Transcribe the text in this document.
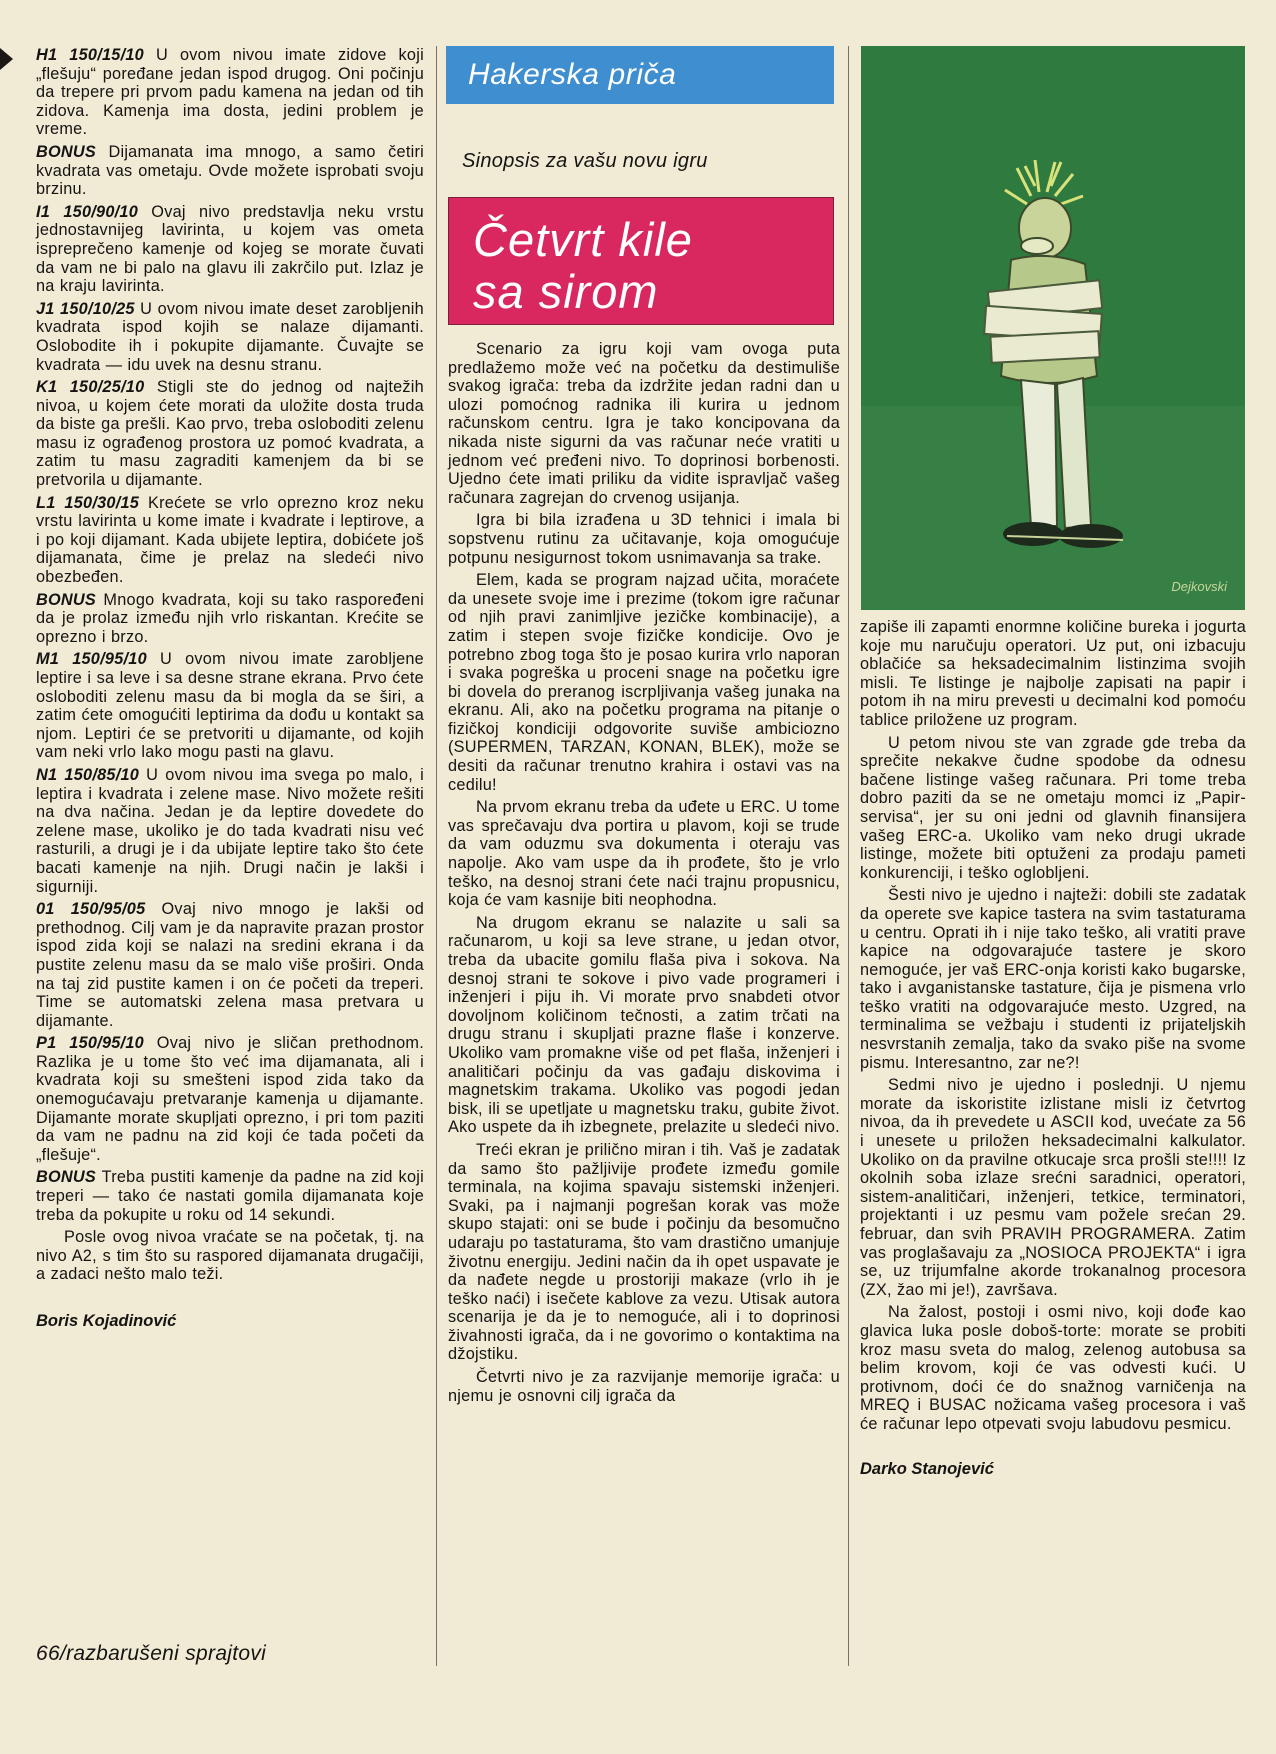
H1 150/15/10 U ovom nivou imate zidove koji „flešuju“ poređane jedan ispod drugog. Oni počinju da trepere pri prvom padu kamena na jedan od tih zidova. Kamenja ima dosta, jedini problem je vreme.

BONUS Dijamanata ima mnogo, a samo četiri kvadrata vas ometaju. Ovde možete isprobati svoju brzinu.

I1 150/90/10 Ovaj nivo predstavlja neku vrstu jednostavnijeg lavirinta, u kojem vas ometa ispreprečeno kamenje od kojeg se morate čuvati da vam ne bi palo na glavu ili zakrčilo put. Izlaz je na kraju lavirinta.

J1 150/10/25 U ovom nivou imate deset zarobljenih kvadrata ispod kojih se nalaze dijamanti. Oslobodite ih i pokupite dijamante. Čuvajte se kvadrata — idu uvek na desnu stranu.

K1 150/25/10 Stigli ste do jednog od najtežih nivoa, u kojem ćete morati da uložite dosta truda da biste ga prešli. Kao prvo, treba osloboditi zelenu masu iz ograđenog prostora uz pomoć kvadrata, a zatim tu masu zagraditi kamenjem da bi se pretvorila u dijamante.

L1 150/30/15 Krećete se vrlo oprezno kroz neku vrstu lavirinta u kome imate i kvadrate i leptirove, a i po koji dijamant. Kada ubijete leptira, dobićete još dijamanata, čime je prelaz na sledeći nivo obezbeđen.

BONUS Mnogo kvadrata, koji su tako raspoređeni da je prolaz između njih vrlo riskantan. Krećite se oprezno i brzo.

M1 150/95/10 U ovom nivou imate zarobljene leptire i sa leve i sa desne strane ekrana. Prvo ćete osloboditi zelenu masu da bi mogla da se širi, a zatim ćete omogućiti leptirima da dođu u kontakt sa njom. Leptiri će se pretvoriti u dijamante, od kojih vam neki vrlo lako mogu pasti na glavu.

N1 150/85/10 U ovom nivou ima svega po malo, i leptira i kvadrata i zelene mase. Nivo možete rešiti na dva načina. Jedan je da leptire dovedete do zelene mase, ukoliko je do tada kvadrati nisu već rasturili, a drugi je i da ubijate leptire tako što ćete bacati kamenje na njih. Drugi način je lakši i sigurniji.

01 150/95/05 Ovaj nivo mnogo je lakši od prethodnog. Cilj vam je da napravite prazan prostor ispod zida koji se nalazi na sredini ekrana i da pustite zelenu masu da se malo više proširi. Onda na taj zid pustite kamen i on će početi da treperi. Time se automatski zelena masa pretvara u dijamante.

P1 150/95/10 Ovaj nivo je sličan prethodnom. Razlika je u tome što već ima dijamanata, ali i kvadrata koji su smešteni ispod zida tako da onemogućavaju pretvaranje kamenja u dijamante. Dijamante morate skupljati oprezno, i pri tom paziti da vam ne padnu na zid koji će tada početi da „flešuje“.

BONUS Treba pustiti kamenje da padne na zid koji treperi — tako će nastati gomila dijamanata koje treba da pokupite u roku od 14 sekundi.

Posle ovog nivoa vraćate se na početak, tj. na nivo A2, s tim što su raspored dijamanata drugačiji, a zadaci nešto malo teži.

Boris Kojadinović
66/razbarušeni sprajtovi
Hakerska priča
Sinopsis za vašu novu igru
Četvrt kile
sa sirom

Scenario za igru koji vam ovoga puta predlažemo može već na početku da destimuliše svakog igrača: treba da izdržite jedan radni dan u ulozi pomoćnog radnika ili kurira u jednom računskom centru. Igra je tako koncipovana da nikada niste sigurni da vas računar neće vratiti u jednom već pređeni nivo. To doprinosi borbenosti. Ujedno ćete imati priliku da vidite ispravljač vašeg računara zagrejan do crvenog usijanja.

Igra bi bila izrađena u 3D tehnici i imala bi sopstvenu rutinu za učitavanje, koja omogućuje potpunu nesigurnost tokom usnimavanja sa trake.

Elem, kada se program najzad učita, moraćete da unesete svoje ime i prezime (tokom igre računar od njih pravi zanimljive jezičke kombinacije), a zatim i stepen svoje fizičke kondicije. Ovo je potrebno zbog toga što je posao kurira vrlo naporan i svaka pogreška u proceni snage na početku igre bi dovela do preranog iscrpljivanja vašeg junaka na ekranu. Ali, ako na početku programa na pitanje o fizičkoj kondiciji odgovorite suviše ambiciozno (SUPERMEN, TARZAN, KONAN, BLEK), može se desiti da računar trenutno krahira i ostavi vas na cedilu!

Na prvom ekranu treba da uđete u ERC. U tome vas sprečavaju dva portira u plavom, koji se trude da vam oduzmu sva dokumenta i oteraju vas napolje. Ako vam uspe da ih prođete, što je vrlo teško, na desnoj strani ćete naći trajnu propusnicu, koja će vam kasnije biti neophodna.

Na drugom ekranu se nalazite u sali sa računarom, u koji sa leve strane, u jedan otvor, treba da ubacite gomilu flaša piva i sokova. Na desnoj strani te sokove i pivo vade programeri i inženjeri i piju ih. Vi morate prvo snabdeti otvor dovoljnom količinom tečnosti, a zatim trčati na drugu stranu i skupljati prazne flaše i konzerve. Ukoliko vam promakne više od pet flaša, inženjeri i analitičari počinju da vas gađaju diskovima i magnetskim trakama. Ukoliko vas pogodi jedan bisk, ili se upetljate u magnetsku traku, gubite život. Ako uspete da ih izbegnete, prelazite u sledeći nivo.

Treći ekran je prilično miran i tih. Vaš je zadatak da samo što pažljivije prođete između gomile terminala, na kojima spavaju sistemski inženjeri. Svaki, pa i najmanji pogrešan korak vas može skupo stajati: oni se bude i počinju da besomučno udaraju po tastaturama, što vam drastično umanjuje životnu energiju. Jedini način da ih opet uspavate je da nađete negde u prostoriji makaze (vrlo ih je teško naći) i isečete kablove za vezu. Utisak autora scenarija je da je to nemoguće, ali i to doprinosi živahnosti igrača, da i ne govorimo o kontaktima na džojstiku.

Četvrti nivo je za razvijanje memorije igrača: u njemu je osnovni cilj igrača da

Dejkovski

zapiše ili zapamti enormne količine bureka i jogurta koje mu naručuju operatori. Uz put, oni izbacuju oblačiće sa heksadecimalnim listinzima svojih misli. Te listinge je najbolje zapisati na papir i potom ih na miru prevesti u decimalni kod pomoću tablice priložene uz program.

U petom nivou ste van zgrade gde treba da sprečite nekakve čudne spodobe da odnesu bačene listinge vašeg računara. Pri tome treba dobro paziti da se ne ometaju momci iz „Papir-servisa“, jer su oni jedni od glavnih finansijera vašeg ERC-a. Ukoliko vam neko drugi ukrade listinge, možete biti optuženi za prodaju pameti konkurenciji, i teško oglobljeni.

Šesti nivo je ujedno i najteži: dobili ste zadatak da operete sve kapice tastera na svim tastaturama u centru. Oprati ih i nije tako teško, ali vratiti prave kapice na odgovarajuće tastere je skoro nemoguće, jer vaš ERC-onja koristi kako bugarske, tako i avganistanske tastature, čija je pismena vrlo teško vratiti na odgovarajuće mesto. Uzgred, na terminalima se vežbaju i studenti iz prijateljskih nesvrstanih zemalja, tako da svako piše na svome pismu. Interesantno, zar ne?!

Sedmi nivo je ujedno i poslednji. U njemu morate da iskoristite izlistane misli iz četvrtog nivoa, da ih prevedete u ASCII kod, uvećate za 56 i unesete u priložen heksadecimalni kalkulator. Ukoliko on da pravilne otkucaje srca prošli ste!!!! Iz okolnih soba izlaze srećni saradnici, operatori, sistem-analitičari, inženjeri, tetkice, terminatori, projektanti i uz pesmu vam požele srećan 29. februar, dan svih PRAVIH PROGRAMERA. Zatim vas proglašavaju za „NOSIOCA PROJEKTA“ i igra se, uz trijumfalne akorde trokanalnog procesora (ZX, žao mi je!), završava.

Na žalost, postoji i osmi nivo, koji dođe kao glavica luka posle doboš-torte: morate se probiti kroz masu sveta do malog, zelenog autobusa sa belim krovom, koji će vas odvesti kući. U protivnom, doći će do snažnog varničenja na MREQ i BUSAC nožicama vašeg procesora i vaš će računar lepo otpevati svoju labudovu pesmicu.

Darko Stanojević
